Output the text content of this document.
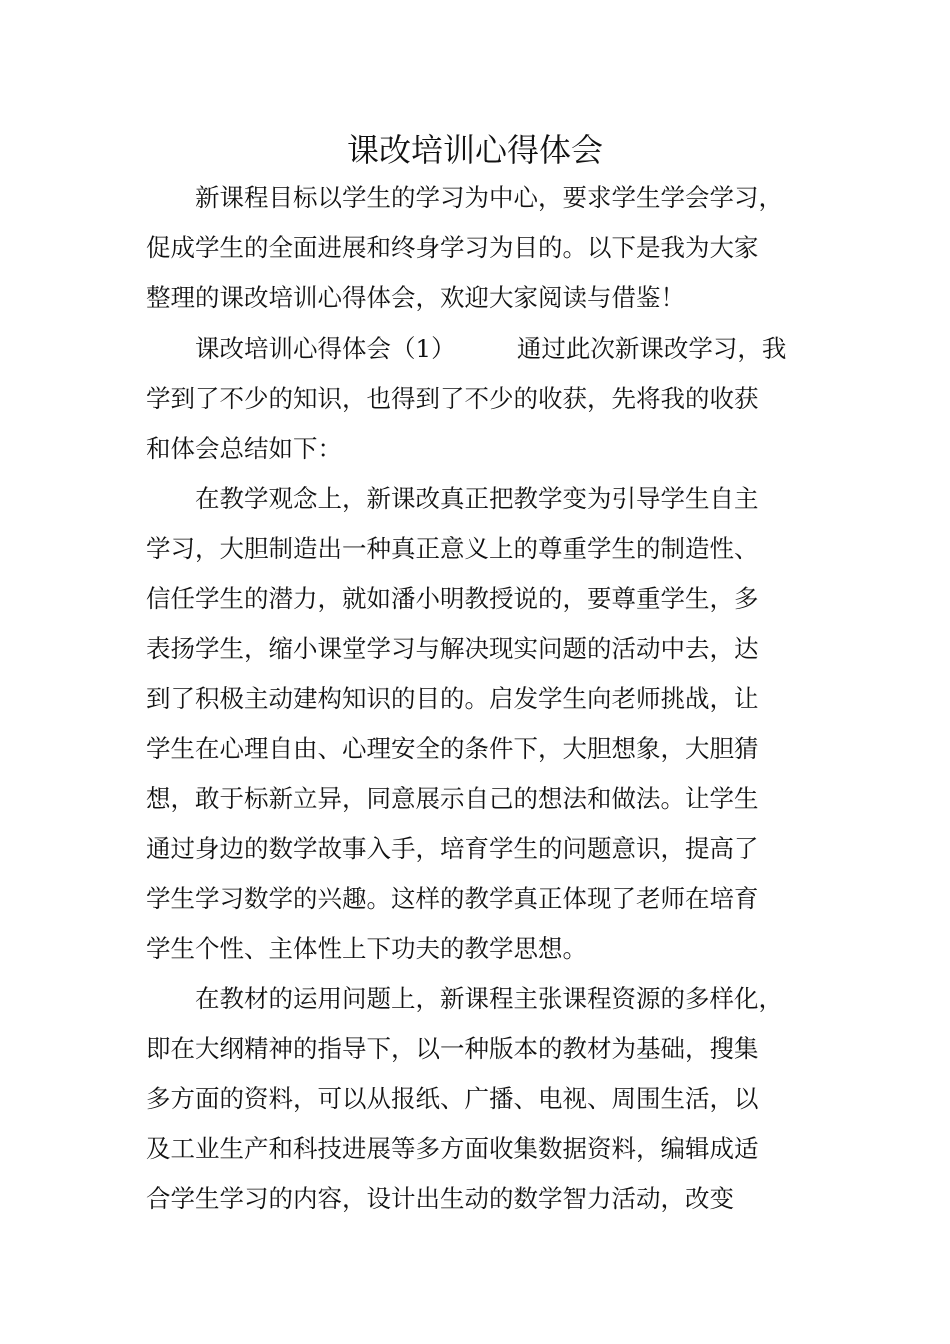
课改培训心得体会
　　新课程目标以学生的学习为中心，要求学生学会学习，
促成学生的全面进展和终身学习为目的。以下是我为大家
整理的课改培训心得体会，欢迎大家阅读与借鉴！
　　课改培训心得体会（1）　　　通过此次新课改学习，我
学到了不少的知识，也得到了不少的收获，先将我的收获
和体会总结如下：
　　在教学观念上，新课改真正把教学变为引导学生自主
学习，大胆制造出一种真正意义上的尊重学生的制造性、
信任学生的潜力，就如潘小明教授说的，要尊重学生，多
表扬学生，缩小课堂学习与解决现实问题的活动中去，达
到了积极主动建构知识的目的。启发学生向老师挑战，让
学生在心理自由、心理安全的条件下，大胆想象，大胆猜
想，敢于标新立异，同意展示自己的想法和做法。让学生
通过身边的数学故事入手，培育学生的问题意识，提高了
学生学习数学的兴趣。这样的教学真正体现了老师在培育
学生个性、主体性上下功夫的教学思想。
　　在教材的运用问题上，新课程主张课程资源的多样化，
即在大纲精神的指导下，以一种版本的教材为基础，搜集
多方面的资料，可以从报纸、广播、电视、周围生活，以
及工业生产和科技进展等多方面收集数据资料，编辑成适
合学生学习的内容，设计出生动的数学智力活动，改变
